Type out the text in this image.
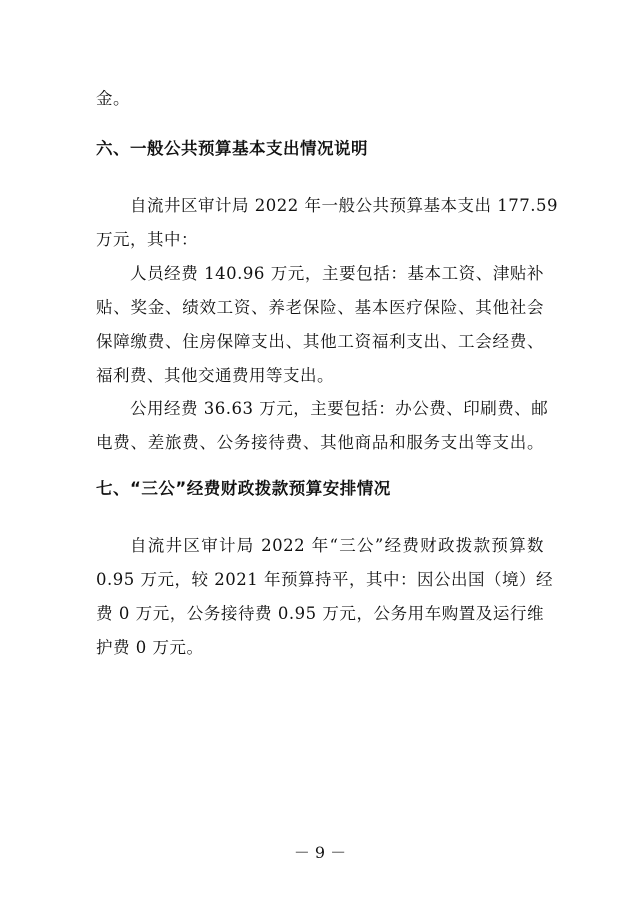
金。
六、一般公共预算基本支出情况说明
自流井区审计局 2022 年一般公共预算基本支出 177.59
万元，其中：
人员经费 140.96 万元，主要包括：基本工资、津贴补
贴、奖金、绩效工资、养老保险、基本医疗保险、其他社会
保障缴费、住房保障支出、其他工资福利支出、工会经费、
福利费、其他交通费用等支出。
公用经费 36.63 万元，主要包括：办公费、印刷费、邮
电费、差旅费、公务接待费、其他商品和服务支出等支出。
七、“三公”经费财政拨款预算安排情况
自流井区审计局 2022 年“三公”经费财政拨款预算数
0.95 万元，较 2021 年预算持平，其中：因公出国（境）经
费 0 万元，公务接待费 0.95 万元，公务用车购置及运行维
护费 0 万元。
－ 9 －
